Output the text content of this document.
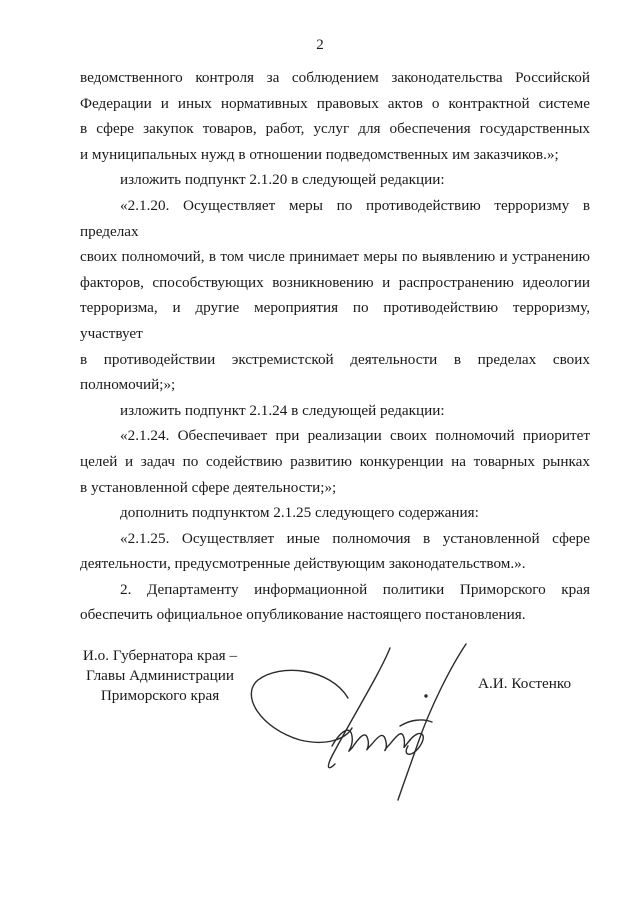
2

ведомственного контроля за соблюдением законодательства Российской

Федерации и иных нормативных правовых актов о контрактной системе

в сфере закупок товаров, работ, услуг для обеспечения государственных

и муниципальных нужд в отношении подведомственных им заказчиков.»;

изложить подпункт 2.1.20 в следующей редакции:

«2.1.20. Осуществляет меры по противодействию терроризму в пределах

своих полномочий, в том числе принимает меры по выявлению и устранению

факторов, способствующих возникновению и распространению идеологии

терроризма, и другие мероприятия по противодействию терроризму, участвует

в противодействии экстремистской деятельности в пределах своих

полномочий;»;

изложить подпункт 2.1.24 в следующей редакции:

«2.1.24. Обеспечивает при реализации своих полномочий приоритет

целей и задач по содействию развитию конкуренции на товарных рынках

в установленной сфере деятельности;»;

дополнить подпунктом 2.1.25 следующего содержания:

«2.1.25. Осуществляет иные полномочия в установленной сфере

деятельности, предусмотренные действующим законодательством.».

2. Департаменту информационной политики Приморского края

обеспечить официальное опубликование настоящего постановления.

И.о. Губернатора края –
Главы Администрации
Приморского края
А.И. Костенко
